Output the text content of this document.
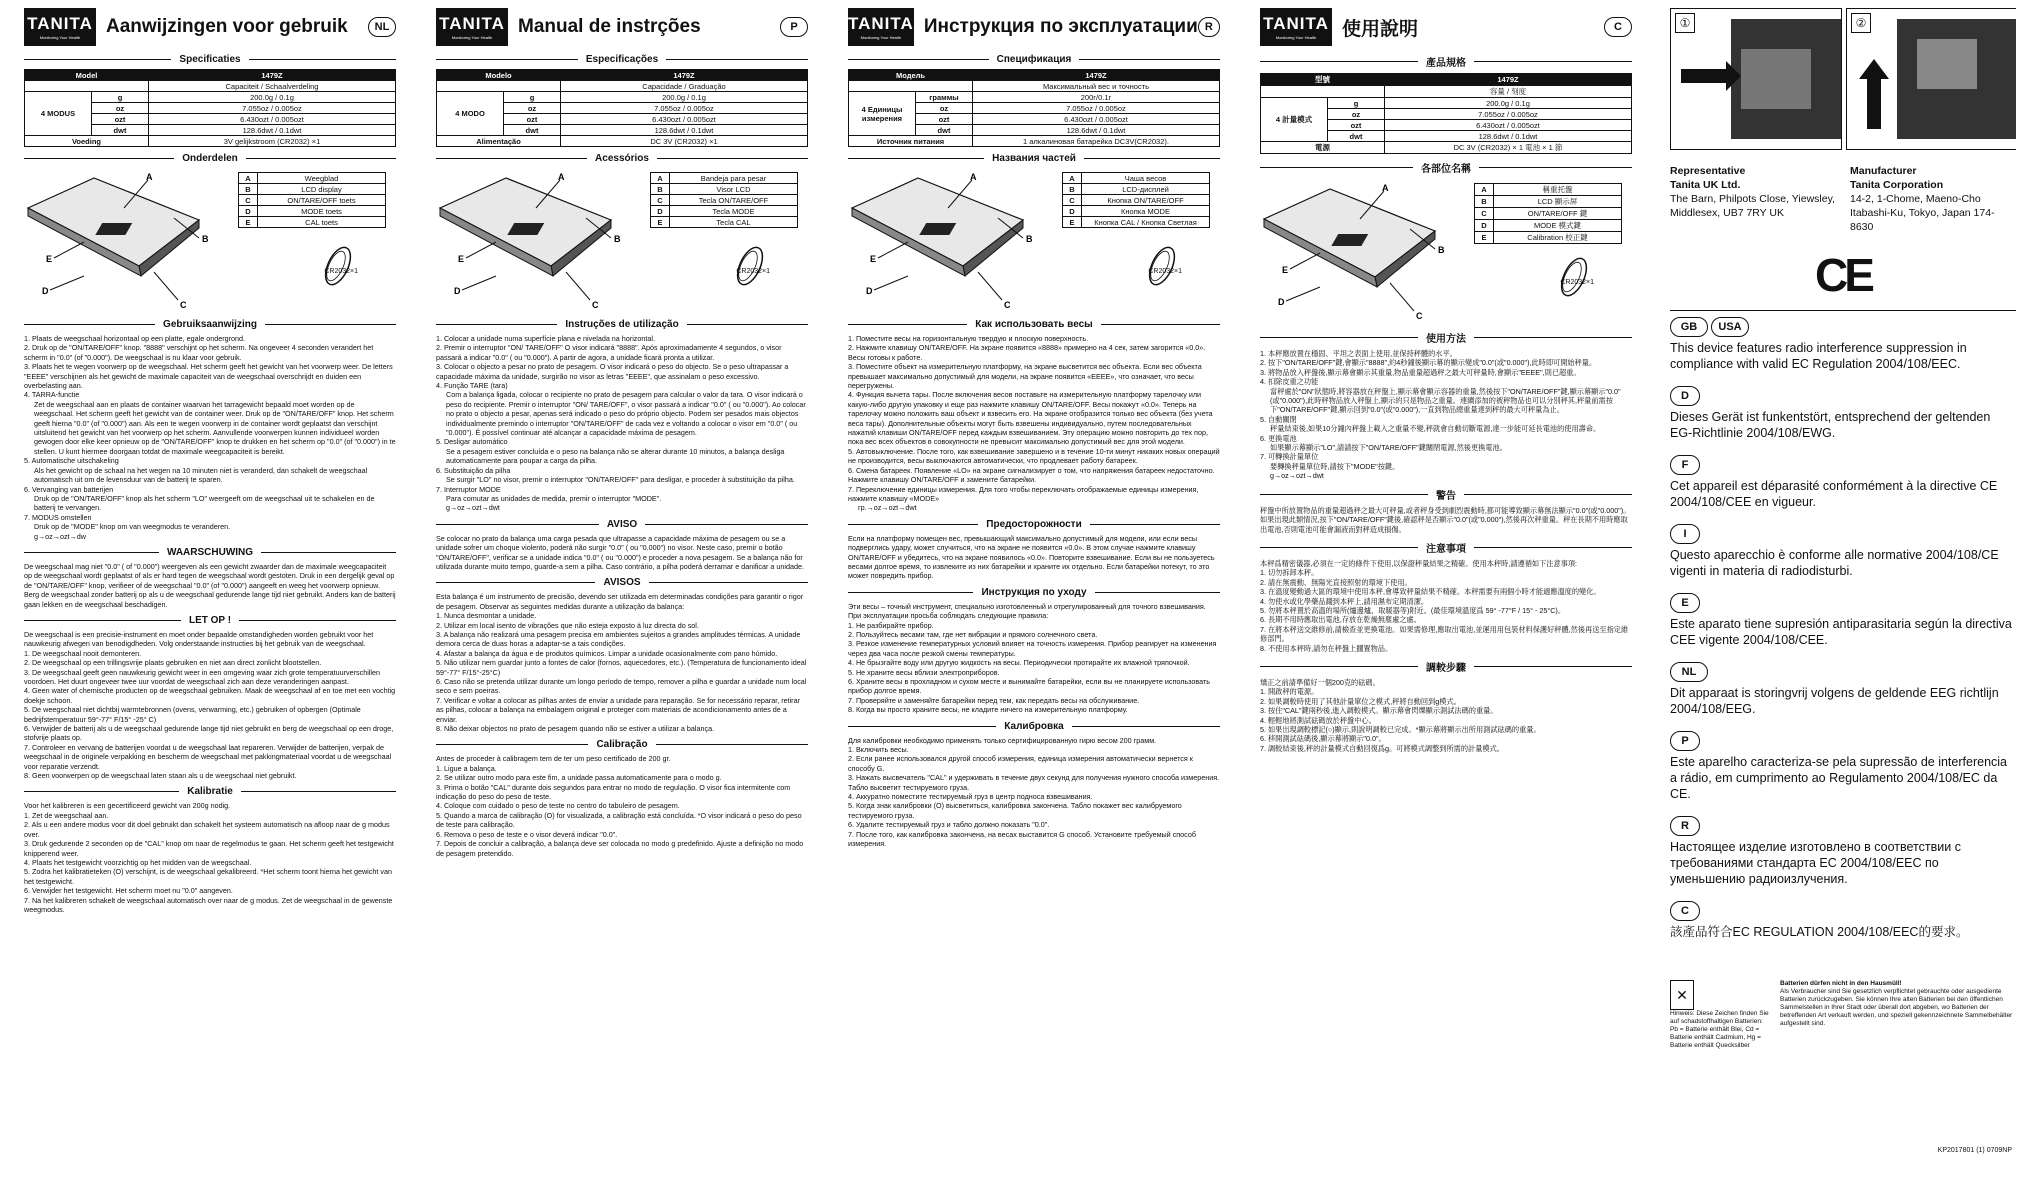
TANITA
Monitoring Your Health
Aanwijzingen voor gebruik	NL
Specificaties
Model		1479Z
		Capaciteit / Schaalverdeling
4 MODUS	g	200.0g / 0.1g
	oz	7.055oz / 0.005oz
	ozt	6.430ozt / 0.005ozt
	dwt	128.6dwt / 0.1dwt
Voeding		3V gelijkstroom (CR2032) ×1
Onderdelen
A
B
E
D
C
A	Weegblad
B	LCD display
C	ON/TARE/OFF toets
D	MODE toets
E	CAL toets
CR2032×1
Gebruiksaanwijzing

1. Plaats de weegschaal horizontaal op een platte, egale ondergrond.

2. Druk op de "ON/TARE/OFF" knop. "8888" verschijnt op het scherm. Na ongeveer 4 seconden verandert het scherm in "0.0" (of "0.000"). De weegschaal is nu klaar voor gebruik.

3. Plaats het te wegen voorwerp op de weegschaal. Het scherm geeft het gewicht van het voorwerp weer. De letters "EEEE" verschijnen als het gewicht de maximale capaciteit van de weegschaal overschrijdt en duiden een overbelasting aan.

4. TARRA-functie

Zet de weegschaal aan en plaats de container waarvan het tarragewicht bepaald moet worden op de weegschaal. Het scherm geeft het gewicht van de container weer. Druk op de "ON/TARE/OFF" knop. Het scherm geeft hierna "0.0" (of "0.000") aan. Als een te wegen voorwerp in de container wordt geplaatst dan verschijnt uitsluitend het gewicht van het voorwerp op het scherm. Aanvullende voorwerpen kunnen individueel worden gewogen door elke keer opnieuw op de "ON/TARE/OFF" knop te drukken en het scherm op "0.0" (of "0.000") in te stellen. U kunt hiermee doorgaan totdat de maximale weegcapaciteit is bereikt.

5. Automatische uitschakeling

Als het gewicht op de schaal na het wegen na 10 minuten niet is veranderd, dan schakelt de weegschaal automatisch uit om de levensduur van de batterij te sparen.

6. Vervanging van batterijen

Druk op de "ON/TARE/OFF" knop als het scherm "LO" weergeeft om de weegschaal uit te schakelen en de batterij te vervangen.

7. MODUS omstellen

Druk op de "MODE" knop om van weegmodus te veranderen.

g→oz→ozt→dw

WAARSCHUWING

De weegschaal mag niet "0.0" ( of "0.000") weergeven als een gewicht zwaarder dan de maximale weegcapaciteit op de weegschaal wordt geplaatst of als er hard tegen de weegschaal wordt gestoten. Druk in een dergelijk geval op de "ON/TARE/OFF" knop, verifieer of de weegschaal "0.0" (of "0.000") aangeeft en weeg het voorwerp opnieuw. Berg de weegschaal zonder batterij op als u de weegschaal gedurende lange tijd niet gebruikt. Anders kan de batterij gaan lekken en de weegschaal beschadigen.

LET OP !

De weegschaal is een precisie-instrument en moet onder bepaalde omstandigheden worden gebruikt voor het nauwkeurig afwegen van benodigdheden. Volg onderstaande instructies bij het gebruik van de weegschaal.

1. De weegschaal nooit demonteren.

2. De weegschaal op een trillingsvrije plaats gebruiken en niet aan direct zonlicht blootstellen.

3. De weegschaal geeft geen nauwkeurig gewicht weer in een omgeving waar zich grote temperatuurverschillen voordoen. Het duurt ongeveer twee uur voordat de weegschaal zich aan deze veranderingen aanpast.

4. Geen water of chemische producten op de weegschaal gebruiken. Maak de weegschaal af en toe met een vochtig doekje schoon.

5. De weegschaal niet dichtbij warmtebronnen (ovens, verwarming, etc.) gebruiken of opbergen (Optimale bedrijfstemperatuur 59°-77° F/15° -25° C)

6. Verwijder de batterij als u de weegschaal gedurende lange tijd niet gebruikt en berg de weegschaal op een droge, stofvrije plaats op.

7. Controleer en vervang de batterijen voordat u de weegschaal laat repareren. Verwijder de batterijen, verpak de weegschaal in de originele verpakking en bescherm de weegschaal met pakkingmateriaal voordat u de weegschaal voor reparatie verzendt.

8. Geen voorwerpen op de weegschaal laten staan als u de weegschaal niet gebruikt.

Kalibratie

Voor het kalibreren is een gecertificeerd gewicht van 200g nodig.

1. Zet de weegschaal aan.

2. Als u een andere modus voor dit doel gebruikt dan schakelt het systeem automatisch na afloop naar de g modus over.

3. Druk gedurende 2 seconden op de "CAL" knop om naar de regelmodus te gaan. Het scherm geeft het testgewicht knipperend weer.

4. Plaats het testgewicht voorzichtig op het midden van de weegschaal.

5. Zodra het kalibratieteken (O) verschijnt, is de weegschaal gekalibreerd. *Het scherm toont hierna het gewicht van het testgewicht.

6. Verwijder het testgewicht. Het scherm moet nu "0.0" aangeven.

7. Na het kalibreren schakelt de weegschaal automatisch over naar de g modus. Zet de weegschaal in de gewenste weegmodus.

TANITA
Monitoring Your Health
Manual de instrções	P
Especificações
Modelo		1479Z
		Capacidade / Graduação
4 MODO	g	200.0g / 0.1g
	oz	7.055oz / 0.005oz
	ozt	6.430ozt / 0.005ozt
	dwt	128.6dwt / 0.1dwt
Alimentação		DC 3V (CR2032) ×1
Acessórios
A
B
E
D
C
A	Bandeja para pesar
B	Visor LCD
C	Tecla ON/TARE/OFF
D	Tecla MODE
E	Tecla CAL
CR2032×1
Instruções de utilização

1. Colocar a unidade numa superfície plana e nivelada na horizontal.

2. Premir o interruptor "ON/ TARE/OFF" O visor indicará "8888". Após aproximadamente 4 segundos, o visor passará a indicar "0.0" ( ou "0.000"). A partir de agora, a unidade ficará pronta a utilizar.

3. Colocar o objecto a pesar no prato de pesagem. O visor indicará o peso do objecto. Se o peso ultrapassar a capacidade máxima da unidade, surgirão no visor as letras "EEEE", que assinalam o peso excessivo.

4. Função TARE (tara)

Com a balança ligada, colocar o recipiente no prato de pesagem para calcular o valor da tara. O visor indicará o peso do recipiente. Premir o interruptor "ON/ TARE/OFF", o visor passará a indicar "0.0" ( ou "0.000"). Ao colocar no prato o objecto a pesar, apenas será indicado o peso do próprio objecto. Podem ser pesados mais objectos individualmente premindo o interruptor "ON/TARE/OFF" de cada vez e voltando a colocar o visor em "0.0" ( ou "0.000"). É possível continuar até alcançar a capacidade máxima de pesagem.

5. Desligar automático

Se a pesagem estiver concluída e o peso na balança não se alterar durante 10 minutos, a balança desliga automaticamente para poupar a carga da pilha.

6. Substituição da pilha

Se surgir "LO" no visor, premir o interruptor "ON/TARE/OFF" para desligar, e proceder à substituição da pilha.

7. Interruptor MODE

Para comutar as unidades de medida, premir o interruptor "MODE".

g→oz→ozt→dwt

AVISO

Se colocar no prato da balança uma carga pesada que ultrapasse a capacidade máxima de pesagem ou se a unidade sofrer um choque violento, poderá não surgir "0.0" ( ou "0.000") no visor. Neste caso, premir o botão "ON/TARE/OFF", verificar se a unidade indica "0.0" ( ou "0.000") e proceder a nova pesagem. Se a balança não for utilizada durante muito tempo, guarde-a sem a pilha. Caso contrário, a pilha poderá derramar e danificar a unidade.

AVISOS

Esta balança é um instrumento de precisão, devendo ser utilizada em determinadas condições para garantir o rigor de pesagem. Observar as seguintes medidas durante a utilização da balança:

1. Nunca desmontar a unidade.

2. Utilizar em local isento de vibrações que não esteja exposto à luz directa do sol.

3. A balança não realizará uma pesagem precisa em ambientes sujeitos a grandes amplitudes térmicas. A unidade demora cerca de duas horas a adaptar-se a tais condições.

4. Afastar a balança da água e de produtos químicos. Limpar a unidade ocasionalmente com pano húmido.

5. Não utilizar nem guardar junto a fontes de calor (fornos, aquecedores, etc.). (Temperatura de funcionamento ideal 59°-77° F/15°-25°C)

6. Caso não se pretenda utilizar durante um longo período de tempo, remover a pilha e guardar a unidade num local seco e sem poeiras.

7. Verificar e voltar a colocar as pilhas antes de enviar a unidade para reparação. Se for necessário reparar, retirar as pilhas, colocar a balança na embalagem original e proteger com materiais de acondicionamento antes de a enviar.

8. Não deixar objectos no prato de pesagem quando não se estiver a utilizar a balança.

Calibração

Antes de proceder à calibragem tem de ter um peso certificado de 200 gr.

1. Ligue a balança.

2. Se utilizar outro modo para este fim, a unidade passa automaticamente para o modo g.

3. Prima o botão "CAL" durante dois segundos para entrar no modo de regulação. O visor fica intermitente com indicação do peso do peso de teste.

4. Coloque com cuidado o peso de teste no centro do tabuleiro de pesagem.

5. Quando a marca de calibração (O) for visualizada, a calibração está concluída. *O visor indicará o peso do peso de teste para calibração.

6. Remova o peso de teste e o visor deverá indicar "0.0".

7. Depois de concluir a calibração, a balança deve ser colocada no modo g predefinido. Ajuste a definição no modo de pesagem pretendido.

TANITA
Monitoring Your Health
Инструкция по эксплуатации R
Спецификация
Модель		1479Z
		Максимальный вес и точность
4 Единицы измерения	граммы	200г/0.1г
	oz	7.055oz / 0.005oz
	ozt	6.430ozt / 0.005ozt
	dwt	128.6dwt / 0.1dwt
Источник питания		1 алкалиновая батарейка DC3V(CR2032).
Названия частей
A
B
E
D
C
A	Чаша весов
B	LCD-дисплей
C	Кнопка ON/TARE/OFF
D	Кнопка MODE
E	Кнопка CAL / Кнопка Светлая
CR2032×1
Как использовать весы

1. Поместите весы на горизонтальную твердую и плоскую поверхность.

2. Нажмите клавишу ON/TARE/OFF. На экране появится «8888» примерно на 4 сек, затем загорится «0.0». Весы готовы к работе.

3. Поместите объект на измерительную платформу, на экране высветится вес объекта. Если вес объекта превышает максимально допустимый для модели, на экране появится «EEEE», что означает, что весы перегружены.

4. Функция вычета тары. После включения весов поставьте на измерительную платформу тарелочку или какую-либо другую упаковку и еще раз нажмите клавишу ON/TARE/OFF. Весы покажут «0.0». Теперь на тарелочку можно положить ваш объект и взвесить его. На экране отобразится только вес объекта (без учета веса тары). Дополнительные объекты могут быть взвешены индивидуально, путем последовательных нажатий клавиши ON/TARE/OFF перед каждым взвешиванием. Эту операцию можно повторить до тех пор, пока вес всех объектов в совокупности не превысит максимально допустимый вес для этой модели.

5. Автовыключение. После того, как взвешивание завершено и в течение 10-ти минут никаких новых операций не производится, весы выключаются автоматически, что продлевает работу батареек.

6. Смена батареек. Появление «LO» на экране сигнализирует о том, что напряжения батареек недостаточно. Нажмите клавишу ON/TARE/OFF и замените батарейки.

7. Переключение единицы измерения. Для того чтобы переключать отображаемые единицы измерения, нажмите клавишу «MODE»

гр.→oz→ozt→dwt

Предосторожности

Если на платформу помещен вес, превышающий максимально допустимый для модели, или если весы подверглись удару, может случиться, что на экране не появится «0.0». В этом случае нажмите клавишу ON/TARE/OFF и убедитесь, что на экране появилось «0.0». Повторите взвешивание. Если вы не пользуетесь весами долгое время, то извлеките из них батарейки и храните их отдельно. Если батарейки потекут, то это может повредить прибор.

Инструкция по уходу

Эти весы – точный инструмент, специально изготовленный и отрегулированный для точного взвешивания. При эксплуатации просьба соблюдать следующие правила:

1. Не разбирайте прибор.

2. Пользуйтесь весами там, где нет вибрации и прямого солнечного света.

3. Резкое изменение температурных условий влияет на точность измерения. Прибор реагирует на изменения через два часа после резкой смены температуры.

4. Не брызгайте воду или другую жидкость на весы. Периодически протирайте их влажной тряпочкой.

5. Не храните весы вблизи электроприборов.

6. Храните весы в прохладном и сухом месте и вынимайте батарейки, если вы не планируете использовать прибор долгое время.

7. Проверяйте и заменяйте батарейки перед тем, как передать весы на обслуживание.

8. Когда вы просто храните весы, не кладите ничего на измерительную платформу.

Калибровка

Для калибровки необходимо применять только сертифицированную гирю весом 200 грамм.

1. Включить весы.

2. Если ранее использовался другой способ измерения, единица измерения автоматически вернется к способу G.

3. Нажать высвечатель "CAL" и удерживать в течение двух секунд для получения нужного способа измерения. Табло высветит тестируемого груза.

4. Аккуратно поместите тестируемый груз в центр подноса взвешивания.

5. Когда знак калибровки (O) высветиться, калибровка закончена. Табло покажет вес калибруемого тестируемого груза.

6. Удалите тестируемый груз и табло должно показать "0.0".

7. После того, как калибровка закончена, на весах выставится G способ. Установите требуемый способ измерения.

TANITA
Monitoring Your Health	使用說明	C
產品規格
型號		1479Z
		容量 / 刻度
4 計量模式	g	200.0g / 0.1g
	oz	7.055oz / 0.005oz
	ozt	6.430ozt / 0.005ozt
	dwt	128.6dwt / 0.1dwt
電源		DC 3V (CR2032) × 1 電池 × 1 節
各部位名稱
A
B
E
D
C
A	稱重托盤
B	LCD 顯示屏
C	ON/TARE/OFF 鍵
D	MODE 模式鍵
E	Calibration 校正鍵
CR2032×1
使用方法

1. 本秤應放置在穩固、平坦之表面上使用,並保持秤體的水平。

2. 按下"ON/TARE/OFF"鍵,會顯示"8888",約4秒鐘後顯示幕的顯示變成"0.0"(或"0.000"),此時即可開始秤量。

3. 將物品放入秤盤後,顯示幕會顯示其重量,物品重量超過秤之最大可秤量時,會顯示"EEEE",則已超重。

4. 扣除皮重之功能

當秤處於"ON"狀態時,將容器放在秤盤上,顯示幕會顯示容器的重量,然後按下"ON/TARE/OFF"鍵,顯示幕顯示"0.0"(或"0.000"),此時秤物品放入秤盤上,顯示的只是物品之重量。連續添加的被秤物品也可以分別秤其,秤量前需按下"ON/TARE/OFF"鍵,顯示回到"0.0"(或"0.000"),一直到物品總重量達到秤的最大可秤量為止。

5. 自動關閉

秤量結束後,如果10分鐘內秤盤上載入之重量不變,秤就會自動切斷電源,達一步能可延長電池的使用壽命。

6. 更換電池

如果顯示幕顯示"LO",請請按下"ON/TARE/OFF"鍵關閉電源,然後更換電池。

7. 可轉換計量單位

要轉換秤量單位時,請按下"MODE"按鍵。

g→oz→ozt→dwt

警告

秤盤中所放置物品的重量超過秤之最大可秤量,或者秤身受到劇烈震動時,都可能導致顯示幕無法顯示"0.0"(或"0.000")。如果出現此類情況,按下"ON/TARE/OFF"鍵後,確認秤是否顯示"0.0"(或"0.000"),然後再次秤重量。秤在長期不用時應取出電池,否則電池可能會漏液而對秤造成損傷。

注意事項

本秤爲精密儀器,必須在一定的條件下使用,以保證秤量結果之精確。使用本秤時,請遵循如下注意事項:

1. 切勿拆卸本秤。

2. 請在無震動、無陽光直接照射的環境下使用。

3. 在溫度變動過大區的環境中使用本秤,會導致秤量結果不精確。本秤需要有兩個小時才能適應溫度的變化。

4. 勿使水或化學藥品濺到本秤上,請用濕布定期清潔。

5. 勿將本秤置於高溫的場所(爐邊爐、取暖器等)附近。(最佳環境溫度爲 59° -77°F / 15° - 25°C)。

6. 長期不用時應取出電池,存放在乾燥無塵處之處。

7. 在將本秤送交維修前,請檢查並更換電池。如果需修理,應取出電池,並運用用包裝材料保護好秤體,然後再送至指定維修部門。

8. 不使用本秤時,請勿在秤盤上擱置物品。

調較步驟

矯正之前請準備好一個200克的砝碼。

1. 開啟秤的電源。

2. 如果調較時使用了其他計量單位之模式,秤將自動回到g模式。

3. 按住"CAL"鍵兩秒後,進入調較模式。顯示幕會閃爍顯示測試法碼的重量。

4. 輕輕地將測試砝碼放於秤盤中心。

5. 如果出現調較標記(○)顯示,則說明調較已完成。*顯示幕將顯示出所用測試砝碼的重量。

6. 移開測試砝碼後,顯示幕將顯示"0.0"。

7. 調較結束後,秤的計量模式自動回復爲g。可將模式調整到所需的計量模式。

①	②
Representative
Tanita UK Ltd.
The Barn, Philpots Close, Yiewsley,
Middlesex, UB7 7RY UK
Manufacturer
Tanita Corporation
14-2, 1-Chome, Maeno-Cho
Itabashi-Ku, Tokyo, Japan 174-8630
CE
GB	USA
This device features radio interference suppression in compliance with valid EC Regulation 2004/108/EEC.
D
Dieses Gerät ist funkentstört, entsprechend der geltenden EG-Richtlinie 2004/108/EWG.
F
Cet appareil est déparasité conformément à la directive CE 2004/108/CEE en vigueur.
I
Questo aparecchio è conforme alle normative 2004/108/CE vigenti in materia di radiodisturbi.
E
Este aparato tiene supresión antiparasitaria según la directiva CEE vigente 2004/108/CEE.
NL
Dit apparaat is storingvrij volgens de geldende EEG richtlijn 2004/108/EEG.
P
Este aparelho caracteriza-se pela supressão de interferencia a rádio, em cumprimento ao Regulamento 2004/108/EC da CE.
R
Настоящее изделие изготовлено в соответствии с требованиями стандарта EC 2004/108/EEC по уменьшению радиоизлучения.
C
該產品符合EC REGULATION 2004/108/EEC的要求。
✕
Hinweis: Diese Zeichen finden Sie auf schadstoffhaltigen Batterien: Pb = Batterie enthält Blei, Cd = Batterie enthält Cadmium, Hg = Batterie enthält Quecksilber
Batterien dürfen nicht in den Hausmüll!
Als Verbraucher sind Sie gesetzlich verpflichtet gebrauchte oder ausgediente Batterien zurückzugeben. Sie können Ihre alten Batterien bei den öffentlichen Sammelstellen in Ihrer Stadt oder überall dort abgeben, wo Batterien der betreffenden Art verkauft werden, und speziell gekennzeichnete Sammelbehälter aufgestellt sind.
KP2017801 (1) 0709NP
